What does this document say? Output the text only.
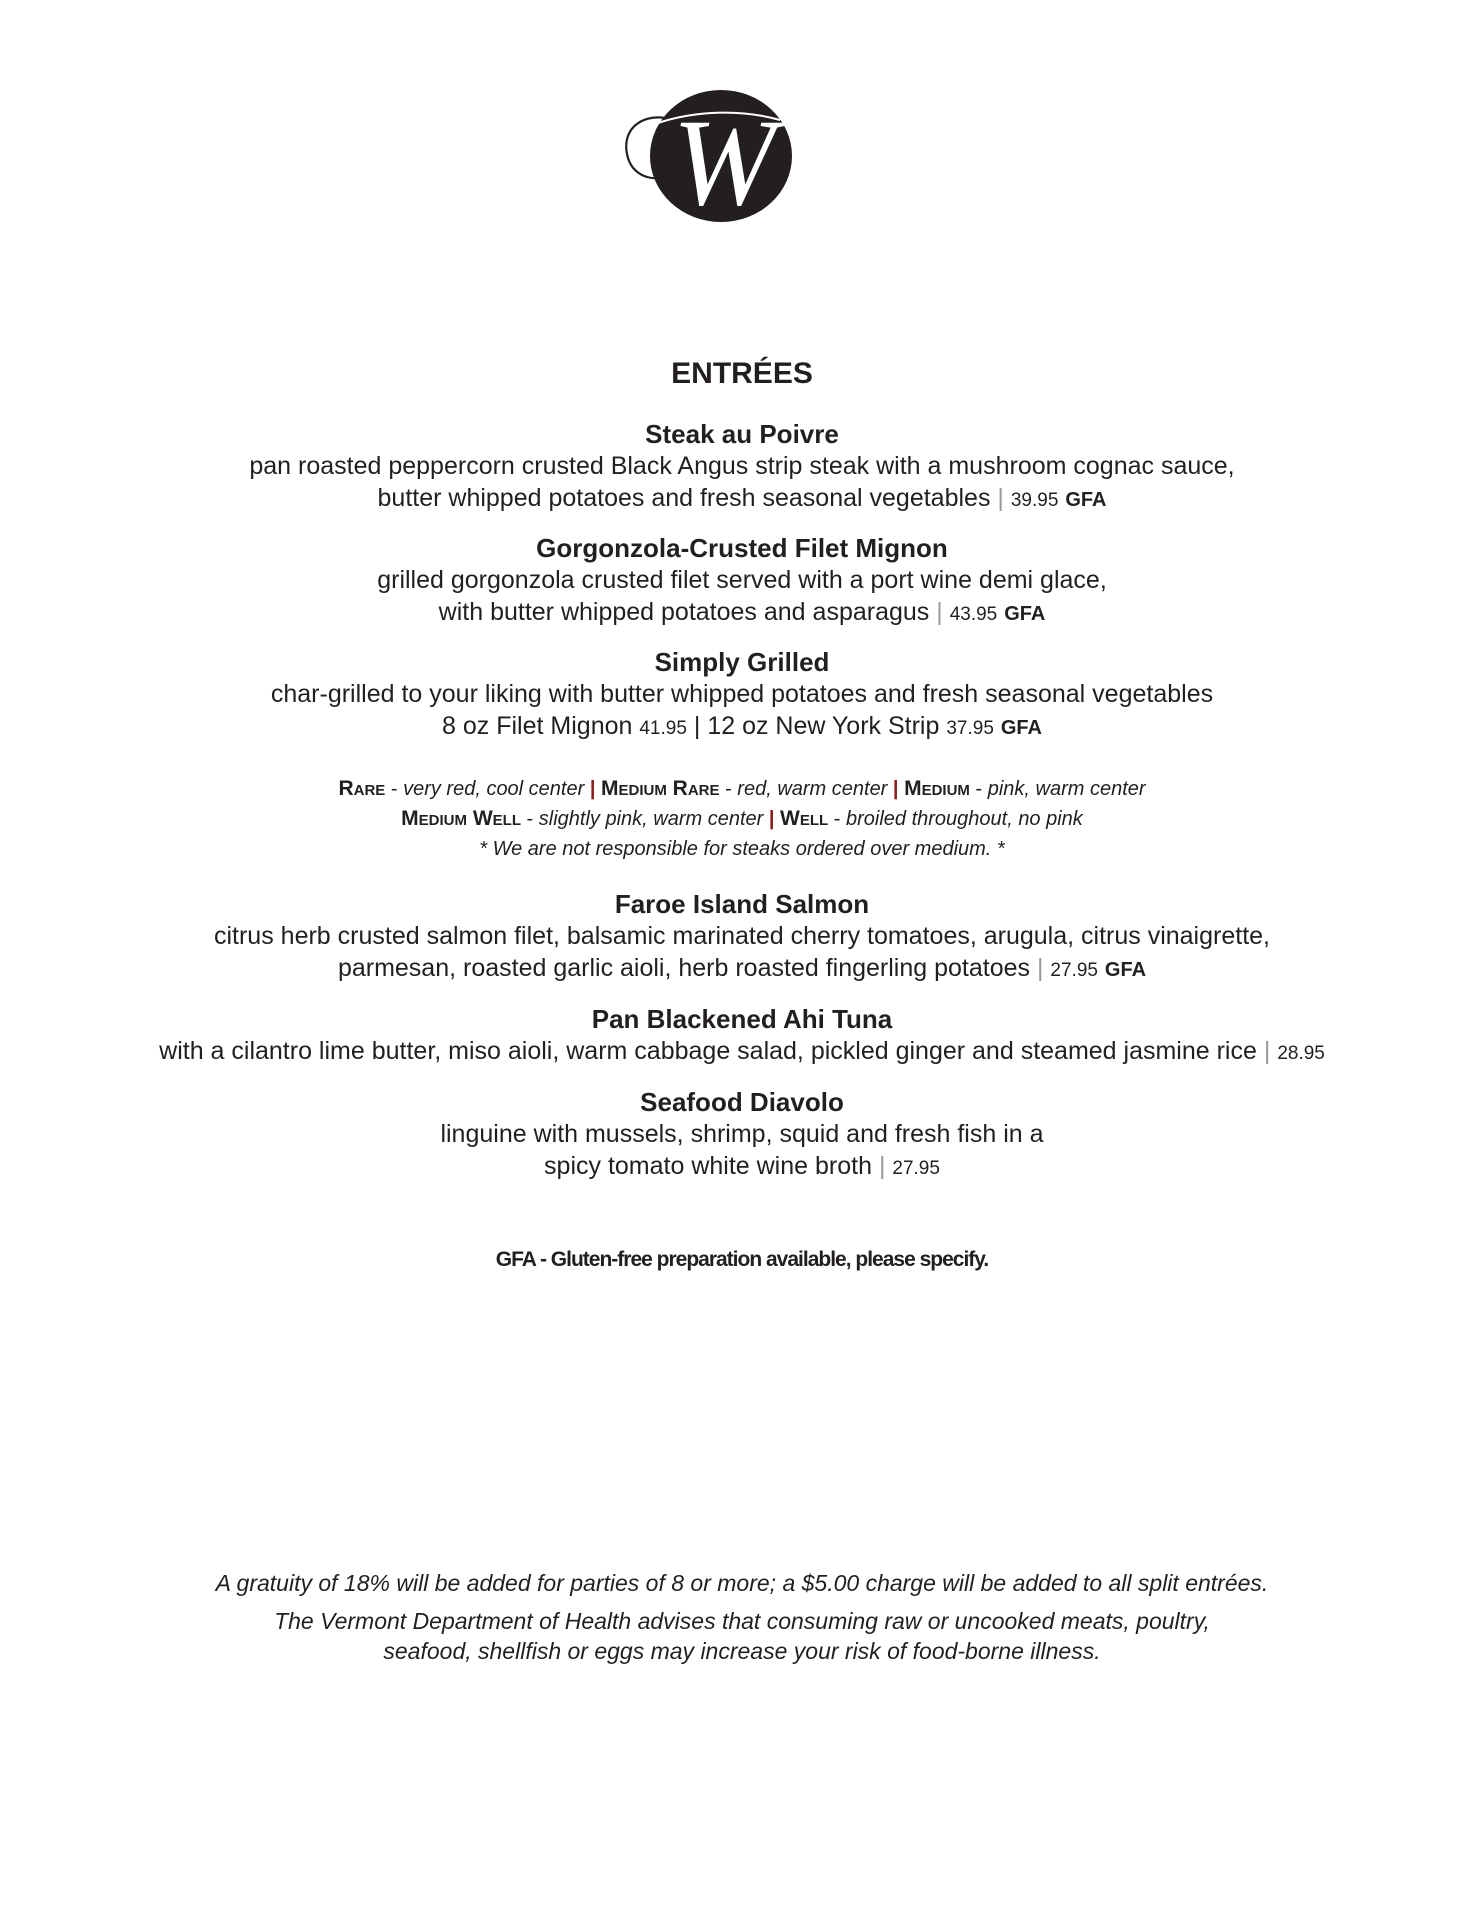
W
ENTRÉES
Steak au Poivre
pan roasted peppercorn crusted Black Angus strip steak with a mushroom cognac sauce,
butter whipped potatoes and fresh seasonal vegetables | 39.95 GFA
Gorgonzola-Crusted Filet Mignon
grilled gorgonzola crusted filet served with a port wine demi glace,
with butter whipped potatoes and asparagus | 43.95 GFA
Simply Grilled
char-grilled to your liking with butter whipped potatoes and fresh seasonal vegetables
8 oz Filet Mignon 41.95 | 12 oz New York Strip 37.95 GFA
Rare - very red, cool center | Medium Rare - red, warm center | Medium - pink, warm center
Medium Well - slightly pink, warm center | Well - broiled throughout, no pink
* We are not responsible for steaks ordered over medium. *
Faroe Island Salmon
citrus herb crusted salmon filet, balsamic marinated cherry tomatoes, arugula, citrus vinaigrette,
parmesan, roasted garlic aioli, herb roasted fingerling potatoes | 27.95 GFA
Pan Blackened Ahi Tuna
with a cilantro lime butter, miso aioli, warm cabbage salad, pickled ginger and steamed jasmine rice | 28.95
Seafood Diavolo
linguine with mussels, shrimp, squid and fresh fish in a
spicy tomato white wine broth | 27.95
GFA - Gluten-free preparation available, please specify.
A gratuity of 18% will be added for parties of 8 or more; a $5.00 charge will be added to all split entrées.
The Vermont Department of Health advises that consuming raw or uncooked meats, poultry,
seafood, shellfish or eggs may increase your risk of food-borne illness.
